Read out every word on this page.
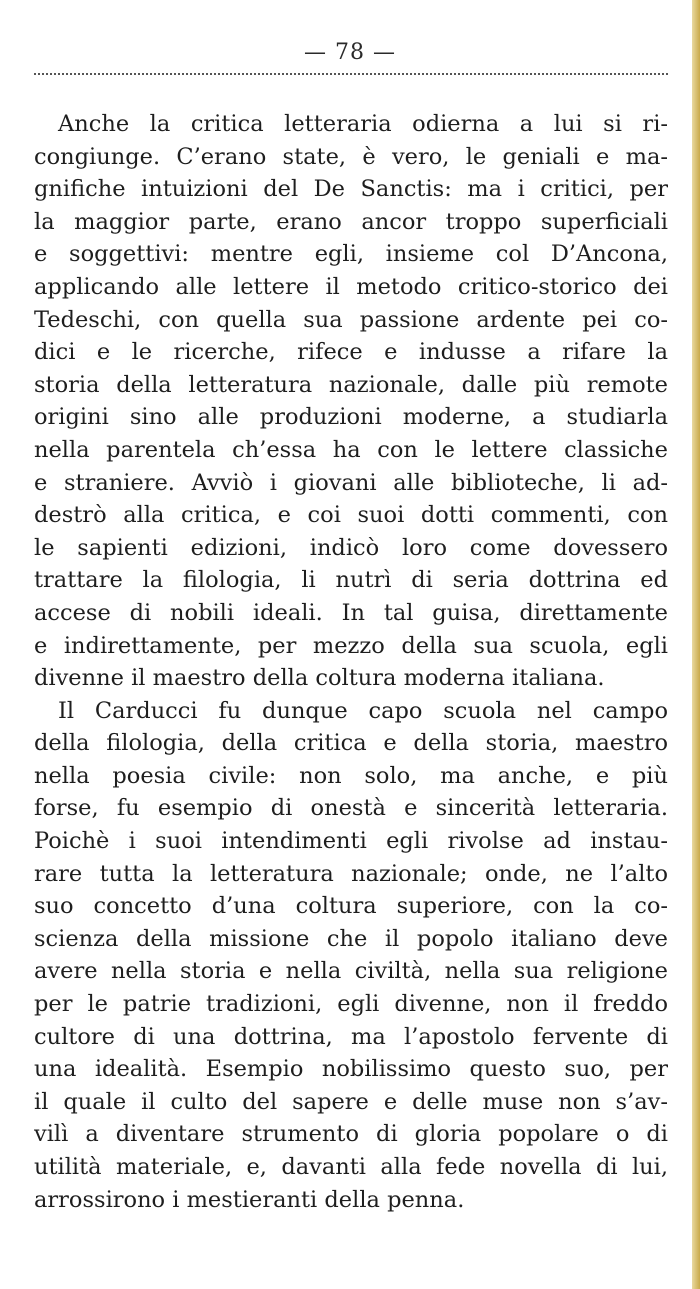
— 78 —
Anche la critica letteraria odierna a lui si ri-
congiunge. C’erano state, è vero, le geniali e ma-
gnifiche intuizioni del De Sanctis: ma i critici, per
la maggior parte, erano ancor troppo superficiali
e soggettivi: mentre egli, insieme col D’Ancona,
applicando alle lettere il metodo critico-storico dei
Tedeschi, con quella sua passione ardente pei co-
dici e le ricerche, rifece e indusse a rifare la
storia della letteratura nazionale, dalle più remote
origini sino alle produzioni moderne, a studiarla
nella parentela ch’essa ha con le lettere classiche
e straniere. Avviò i giovani alle biblioteche, li ad-
destrò alla critica, e coi suoi dotti commenti, con
le sapienti edizioni, indicò loro come dovessero
trattare la filologia, li nutrì di seria dottrina ed
accese di nobili ideali. In tal guisa, direttamente
e indirettamente, per mezzo della sua scuola, egli
divenne il maestro della coltura moderna italiana.
Il Carducci fu dunque capo scuola nel campo
della filologia, della critica e della storia, maestro
nella poesia civile: non solo, ma anche, e più
forse, fu esempio di onestà e sincerità letteraria.
Poichè i suoi intendimenti egli rivolse ad instau-
rare tutta la letteratura nazionale; onde, ne l’alto
suo concetto d’una coltura superiore, con la co-
scienza della missione che il popolo italiano deve
avere nella storia e nella civiltà, nella sua religione
per le patrie tradizioni, egli divenne, non il freddo
cultore di una dottrina, ma l’apostolo fervente di
una idealità. Esempio nobilissimo questo suo, per
il quale il culto del sapere e delle muse non s’av-
vilì a diventare strumento di gloria popolare o di
utilità materiale, e, davanti alla fede novella di lui,
arrossirono i mestieranti della penna.
